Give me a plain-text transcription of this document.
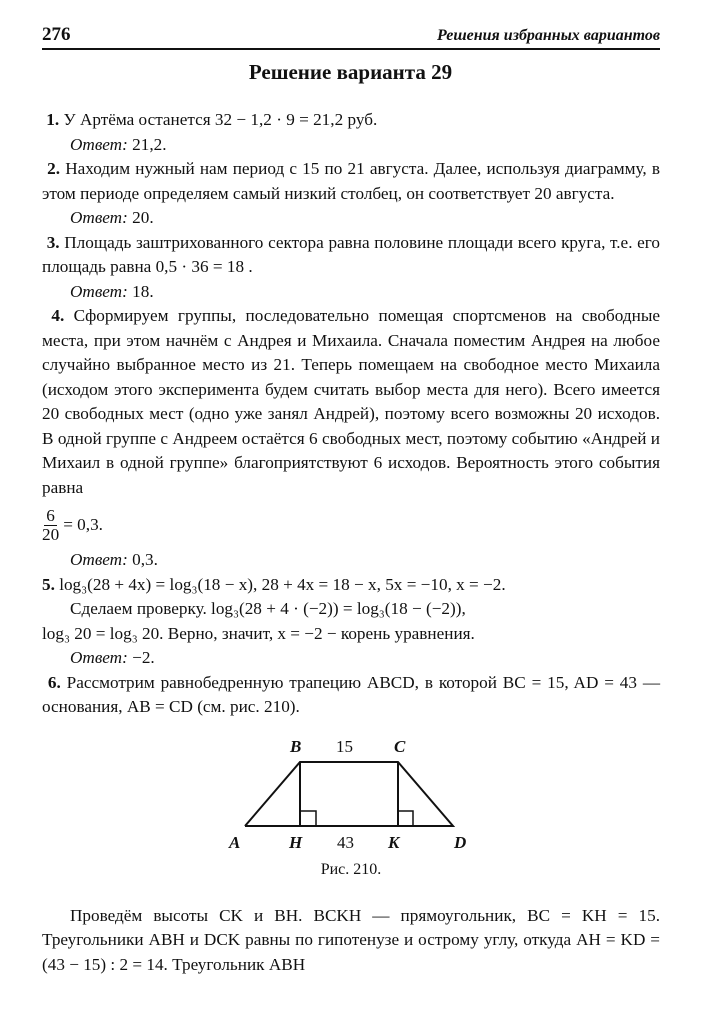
276	Решения избранных вариантов
Решение варианта 29

1. У Артёма останется 32 − 1,2 · 9 = 21,2 руб.

Ответ: 21,2.

2. Находим нужный нам период с 15 по 21 августа. Далее, используя диаграмму, в этом периоде определяем самый низкий столбец, он соответствует 20 августа.

Ответ: 20.

3. Площадь заштрихованного сектора равна половине площади всего круга, т.е. его площадь равна 0,5 · 36 = 18 .

Ответ: 18.

4. Сформируем группы, последовательно помещая спортсменов на свободные места, при этом начнём с Андрея и Михаила. Сначала поместим Андрея на любое случайно выбранное место из 21. Теперь помещаем на свободное место Михаила (исходом этого эксперимента будем считать выбор места для него). Всего имеется 20 свободных мест (одно уже занял Андрей), поэтому всего возможны 20 исходов. В одной группе с Андреем остаётся 6 свободных мест, поэтому событию «Андрей и Михаил в одной группе» благоприятствуют 6 исходов. Вероятность этого события равна

$\frac{6}{20} = 0,3$.

Ответ: 0,3.

5. log₃(28 + 4x) = log₃(18 − x), 28 + 4x = 18 − x, 5x = −10, x = −2.

Сделаем проверку. log₃(28 + 4 · (−2)) = log₃(18 − (−2)),

log₃ 20 = log₃ 20. Верно, значит, x = −2 − корень уравнения.

Ответ: −2.

6. Рассмотрим равнобедренную трапецию ABCD, в которой BC = 15, AD = 43 — основания, AB = CD (см. рис. 210).

B 15 C
A	H 43 K	D
Рис. 210.

Проведём высоты CK и BH. BCKH — прямоугольник, BC = KH = 15. Треугольники ABH и DCK равны по гипотенузе и острому углу, откуда AH = KD = (43 − 15) : 2 = 14. Треугольник ABH
